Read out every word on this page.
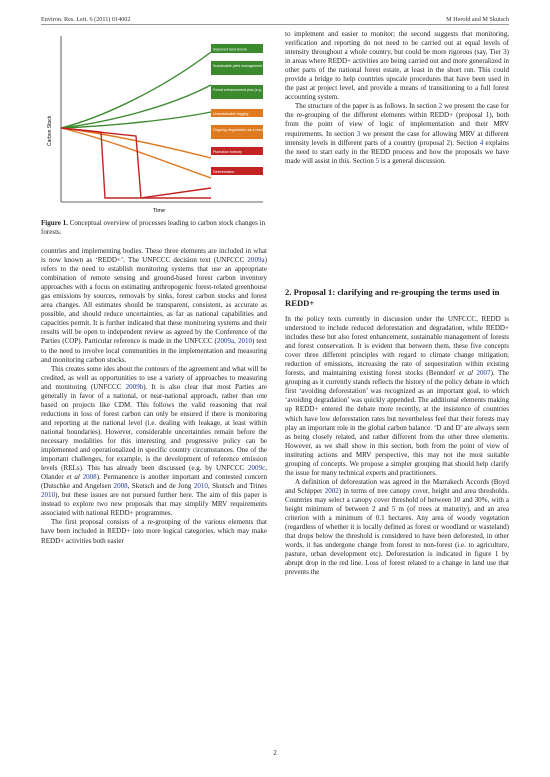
Environ. Res. Lett. 6 (2011) 014002	M Herold and M Skutsch
Carbon Stock
Time
Improved land tenure
Sustainable yield management (SFM)
Forest enhancement plus (e.g. ECM)
Unsustainable logging
Ongoing degradation as a result of community use
Plantation forestry
Deforestation
Figure 1. Conceptual overview of processes leading to carbon stock changes in forests.

countries and implementing bodies. These three elements are included in what is now known as ‘REDD+’. The UNFCCC decision text (UNFCCC 2009a) refers to the need to establish monitoring systems that use an appropriate combination of remote sensing and ground-based forest carbon inventory approaches with a focus on estimating anthropogenic forest-related greenhouse gas emissions by sources, removals by sinks, forest carbon stocks and forest area changes. All estimates should be transparent, consistent, as accurate as possible, and should reduce uncertainties, as far as national capabilities and capacities permit. It is further indicated that these monitoring systems and their results will be open to independent review as agreed by the Conference of the Parties (COP). Particular reference is made in the UNFCCC (2009a, 2010) text to the need to involve local communities in the implementation and measuring and monitoring carbon stocks.

This creates some ides about the contours of the agreement and what will be credited, as well as opportunities to use a variety of approaches to measuring and monitoring (UNFCCC 2009b). It is also clear that most Parties are generally in favor of a national, or near-national approach, rather than one based on projects like CDM. This follows the valid reasoning that real reductions in loss of forest carbon can only be ensured if there is monitoring and reporting at the national level (i.e. dealing with leakage, at least within national boundaries). However, considerable uncertainties remain before the necessary modalities for this interesting and progressive policy can be implemented and operationalized in specific country circumstances. One of the important challenges, for example, is the development of reference emission levels (RELs). This has already been discussed (e.g. by UNFCCC 2009c, Olander et al 2008). Permanence is another important and contested concern (Dutschke and Angelsen 2008, Skutsch and de Jong 2010, Skutsch and Trines 2010), but these issues are not pursued further here. The aim of this paper is instead to explore two new proposals that may simplify MRV requirements associated with national REDD+ programmes.

The first proposal consists of a re-grouping of the various elements that have been included in REDD+ into more logical categories, which may make REDD+ activities both easier

to implement and easier to monitor; the second suggests that monitoring, verification and reporting do not need to be carried out at equal levels of intensity throughout a whole country, but could be more rigorous (say, Tier 3) in areas where REDD+ activities are being carried out and more generalized in other parts of the national forest estate, at least in the short run. This could provide a bridge to help countries upscale procedures that have been used in the past at project level, and provide a means of transitioning to a full forest accounting system.

The structure of the paper is as follows. In section 2 we present the case for the re-grouping of the different elements within REDD+ (proposal 1), both from the point of view of logic of implementation and their MRV requirements. In section 3 we present the case for allowing MRV at different intensity levels in different parts of a country (proposal 2). Section 4 explains the need to start early in the REDD process and how the proposals we have made will assist in this. Section 5 is a general discussion.

2. Proposal 1: clarifying and re-grouping the terms used in REDD+

In the policy texts currently in discussion under the UNFCCC, REDD is understood to include reduced deforestation and degradation, while REDD+ includes these but also forest enhancement, sustainable management of forests and forest conservation. It is evident that between them, these five concepts cover three different principles with regard to climate change mitigation; reduction of emissions, increasing the rate of sequestration within existing forests, and maintaining existing forest stocks (Benndorf et al 2007). The grouping as it currently stands reflects the history of the policy debate in which first ‘avoiding deforestation’ was recognized as an important goal, to which ‘avoiding degradation’ was quickly appended. The additional elements making up REDD+ entered the debate more recently, at the insistence of countries which have low deforestation rates but nevertheless feel that their forests may play an important role in the global carbon balance. ‘D and D’ are always seen as being closely related, and rather different from the other three elements. However, as we shall show in this section, both from the point of view of instituting actions and MRV perspective, this may not the most suitable grouping of concepts. We propose a simpler grouping that should help clarify the issue for many technical experts and practitioners.

A definition of deforestation was agreed in the Marrakech Accords (Boyd and Schipper 2002) in terms of tree canopy cover, height and area thresholds. Countries may select a canopy cover threshold of between 10 and 30%, with a height minimum of between 2 and 5 m (of trees at maturity), and an area criterion with a minimum of 0.1 hectares. Any area of woody vegetation (regardless of whether it is locally defined as forest or woodland or wasteland) that drops below the threshold is considered to have been deforested, in other words, it has undergone change from forest to non-forest (i.e. to agriculture, pasture, urban development etc). Deforestation is indicated in figure 1 by abrupt drop in the red line. Loss of forest related to a change in land use that prevents the

2
